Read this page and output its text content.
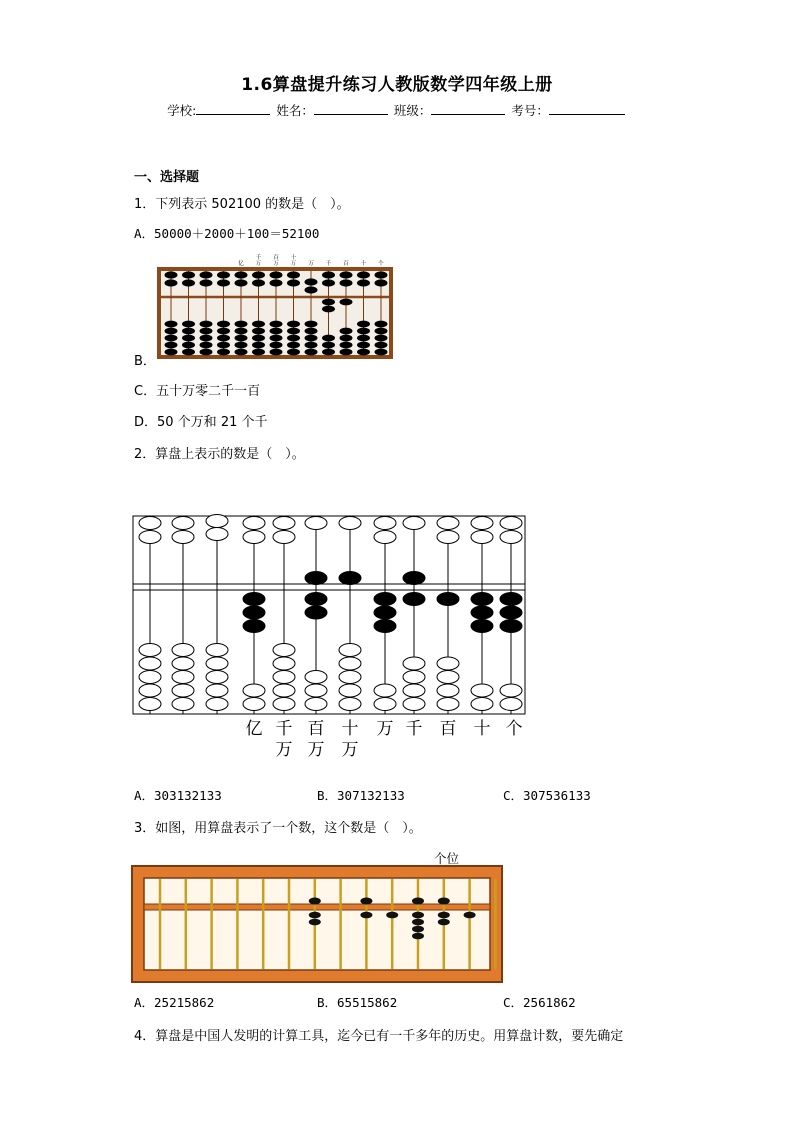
1.6算盘提升练习人教版数学四年级上册
学校:	姓名：	班级：	考号：
一、选择题
1．下列表示 502100 的数是（　）。
A．50000＋2000＋100＝52100
亿
千
万
百
万
十
万 万 千 百 十 个
B．
C．五十万零二千一百
D．50 个万和 21 个千
2．算盘上表示的数是（　）。
亿 千 百 十 万 千 百 十 个
万 万 万
A．303132133	B．307132133	C．307536133
3．如图，用算盘表示了一个数，这个数是（　）。
个位
A．25215862	B．65515862	C．2561862
4．算盘是中国人发明的计算工具，迄今已有一千多年的历史。用算盘计数，要先确定
